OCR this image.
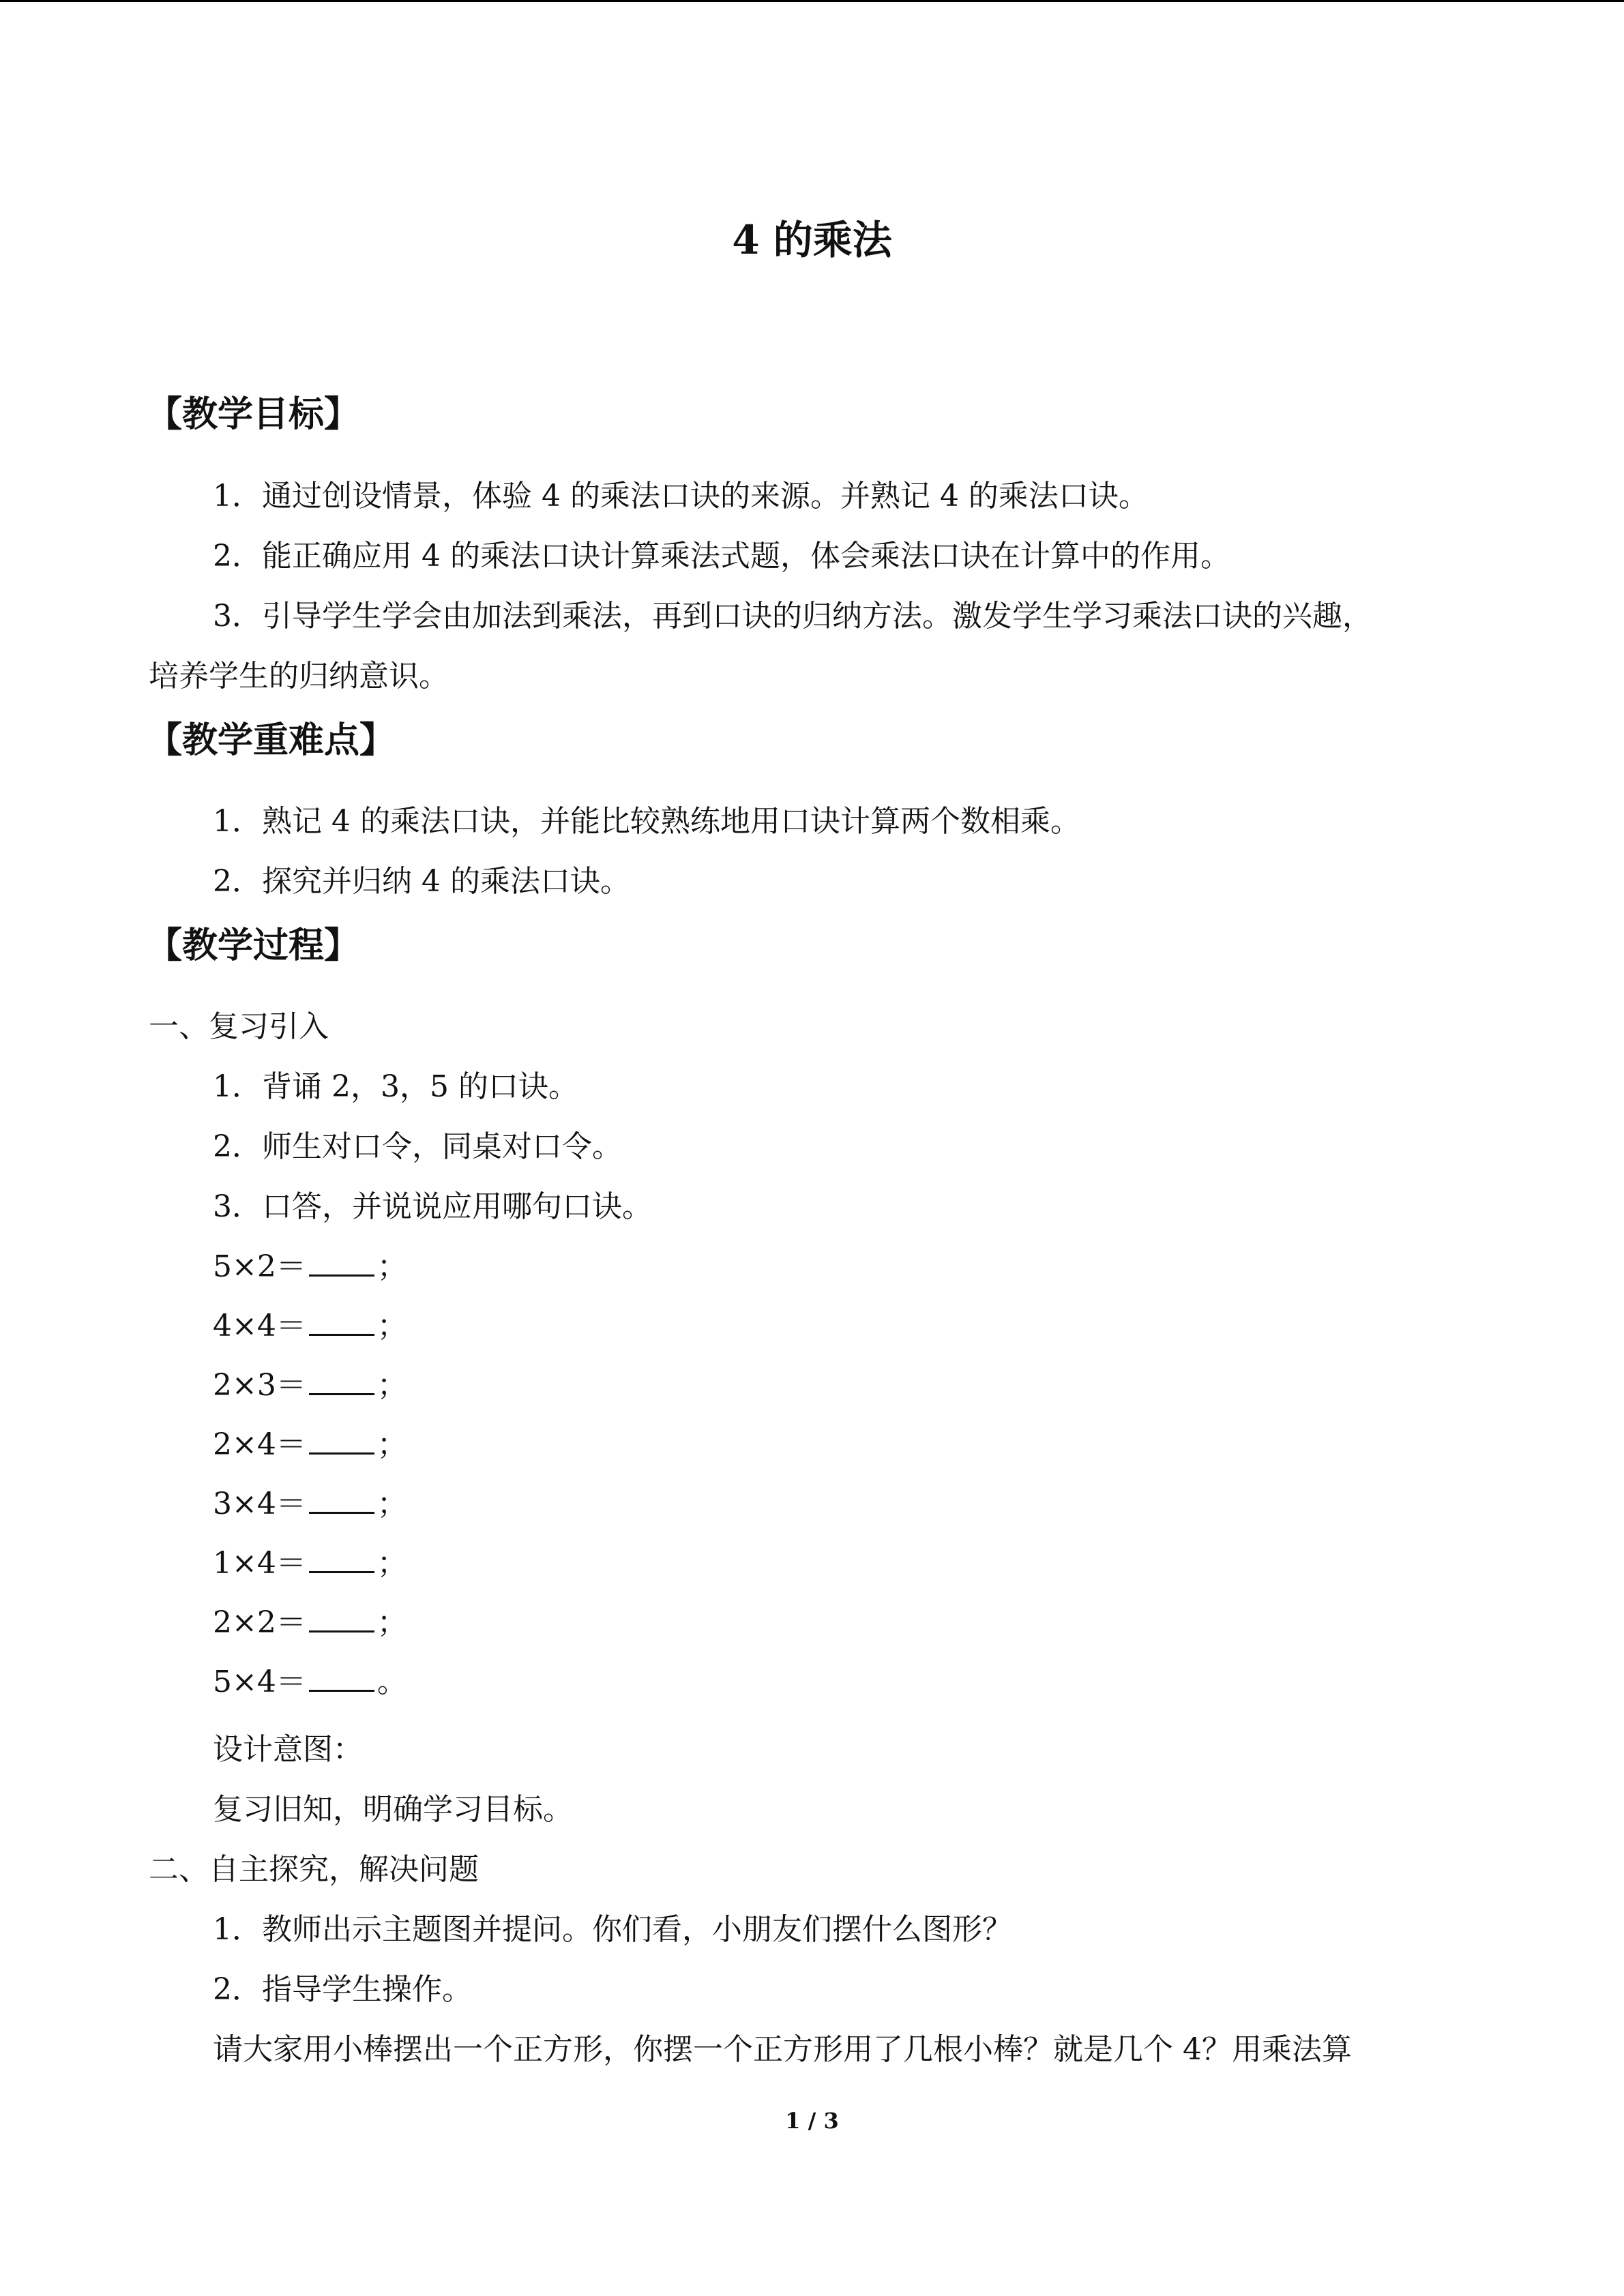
4 的乘法
【教学目标】
1．通过创设情景，体验 4 的乘法口诀的来源。并熟记 4 的乘法口诀。
2．能正确应用 4 的乘法口诀计算乘法式题，体会乘法口诀在计算中的作用。
3．引导学生学会由加法到乘法，再到口诀的归纳方法。激发学生学习乘法口诀的兴趣，
培养学生的归纳意识。
【教学重难点】
1．熟记 4 的乘法口诀，并能比较熟练地用口诀计算两个数相乘。
2．探究并归纳 4 的乘法口诀。
【教学过程】
一、复习引入
1．背诵 2，3，5 的口诀。
2．师生对口令，同桌对口令。
3．口答，并说说应用哪句口诀。
5×2＝ ；
4×4＝ ；
2×3＝ ；
2×4＝ ；
3×4＝ ；
1×4＝ ；
2×2＝ ；
5×4＝ 。
设计意图：
复习旧知，明确学习目标。
二、自主探究，解决问题
1．教师出示主题图并提问。你们看，小朋友们摆什么图形？
2．指导学生操作。
请大家用小棒摆出一个正方形，你摆一个正方形用了几根小棒？就是几个 4？用乘法算
1 / 3
